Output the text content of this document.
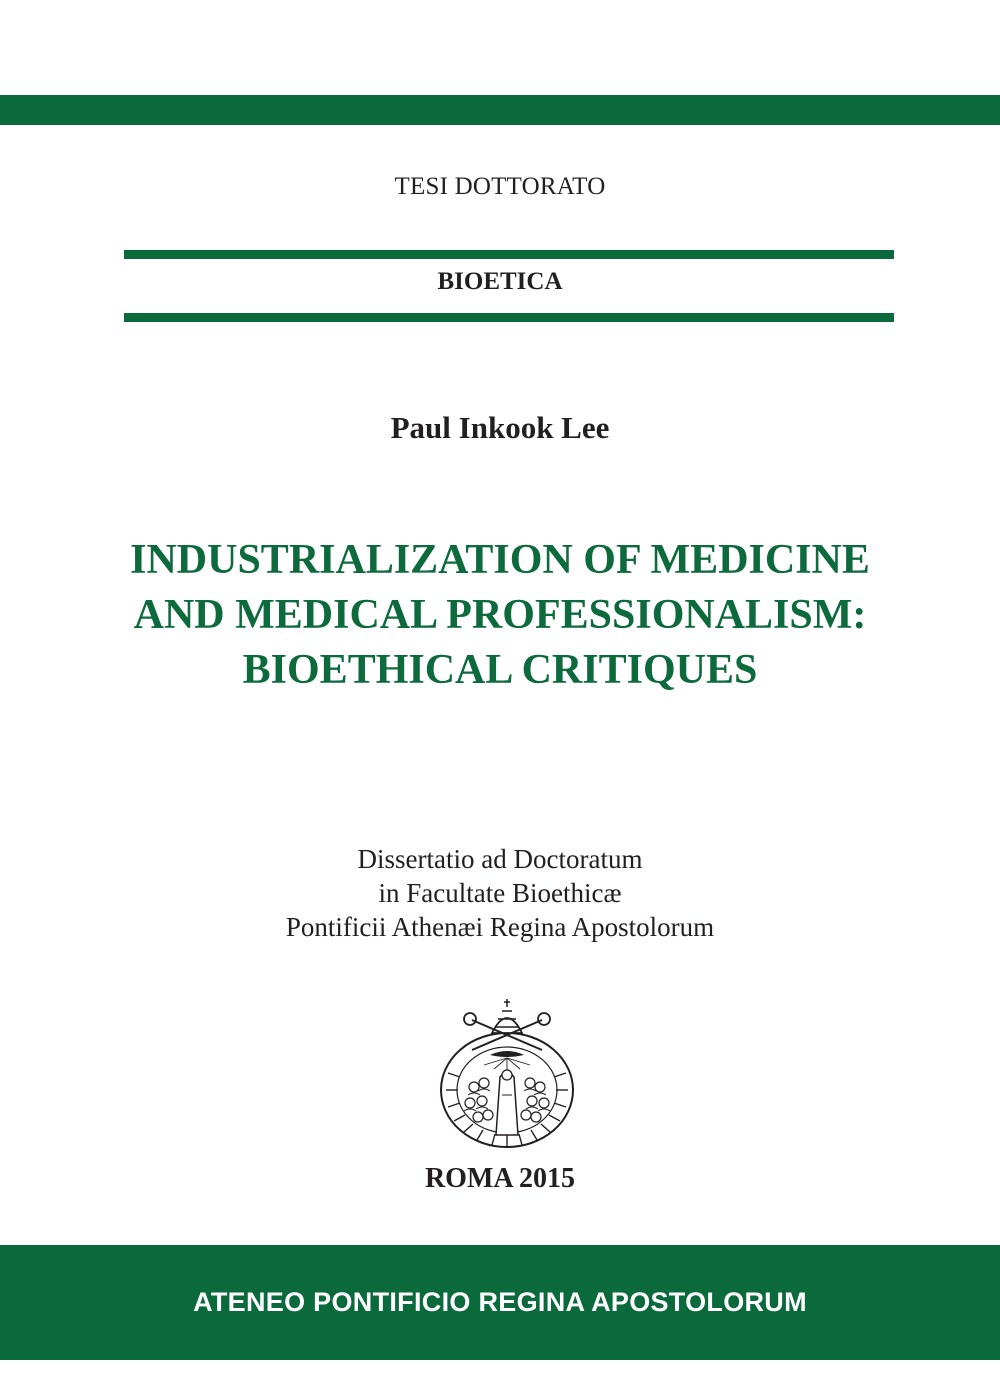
TESI DOTTORATO
BIOETICA
Paul Inkook Lee
INDUSTRIALIZATION OF MEDICINE
AND MEDICAL PROFESSIONALISM:
BIOETHICAL CRITIQUES
Dissertatio ad Doctoratum
in Facultate Bioethicæ
Pontificii Athenæi Regina Apostolorum
ROMA 2015
ATENEO PONTIFICIO REGINA APOSTOLORUM
